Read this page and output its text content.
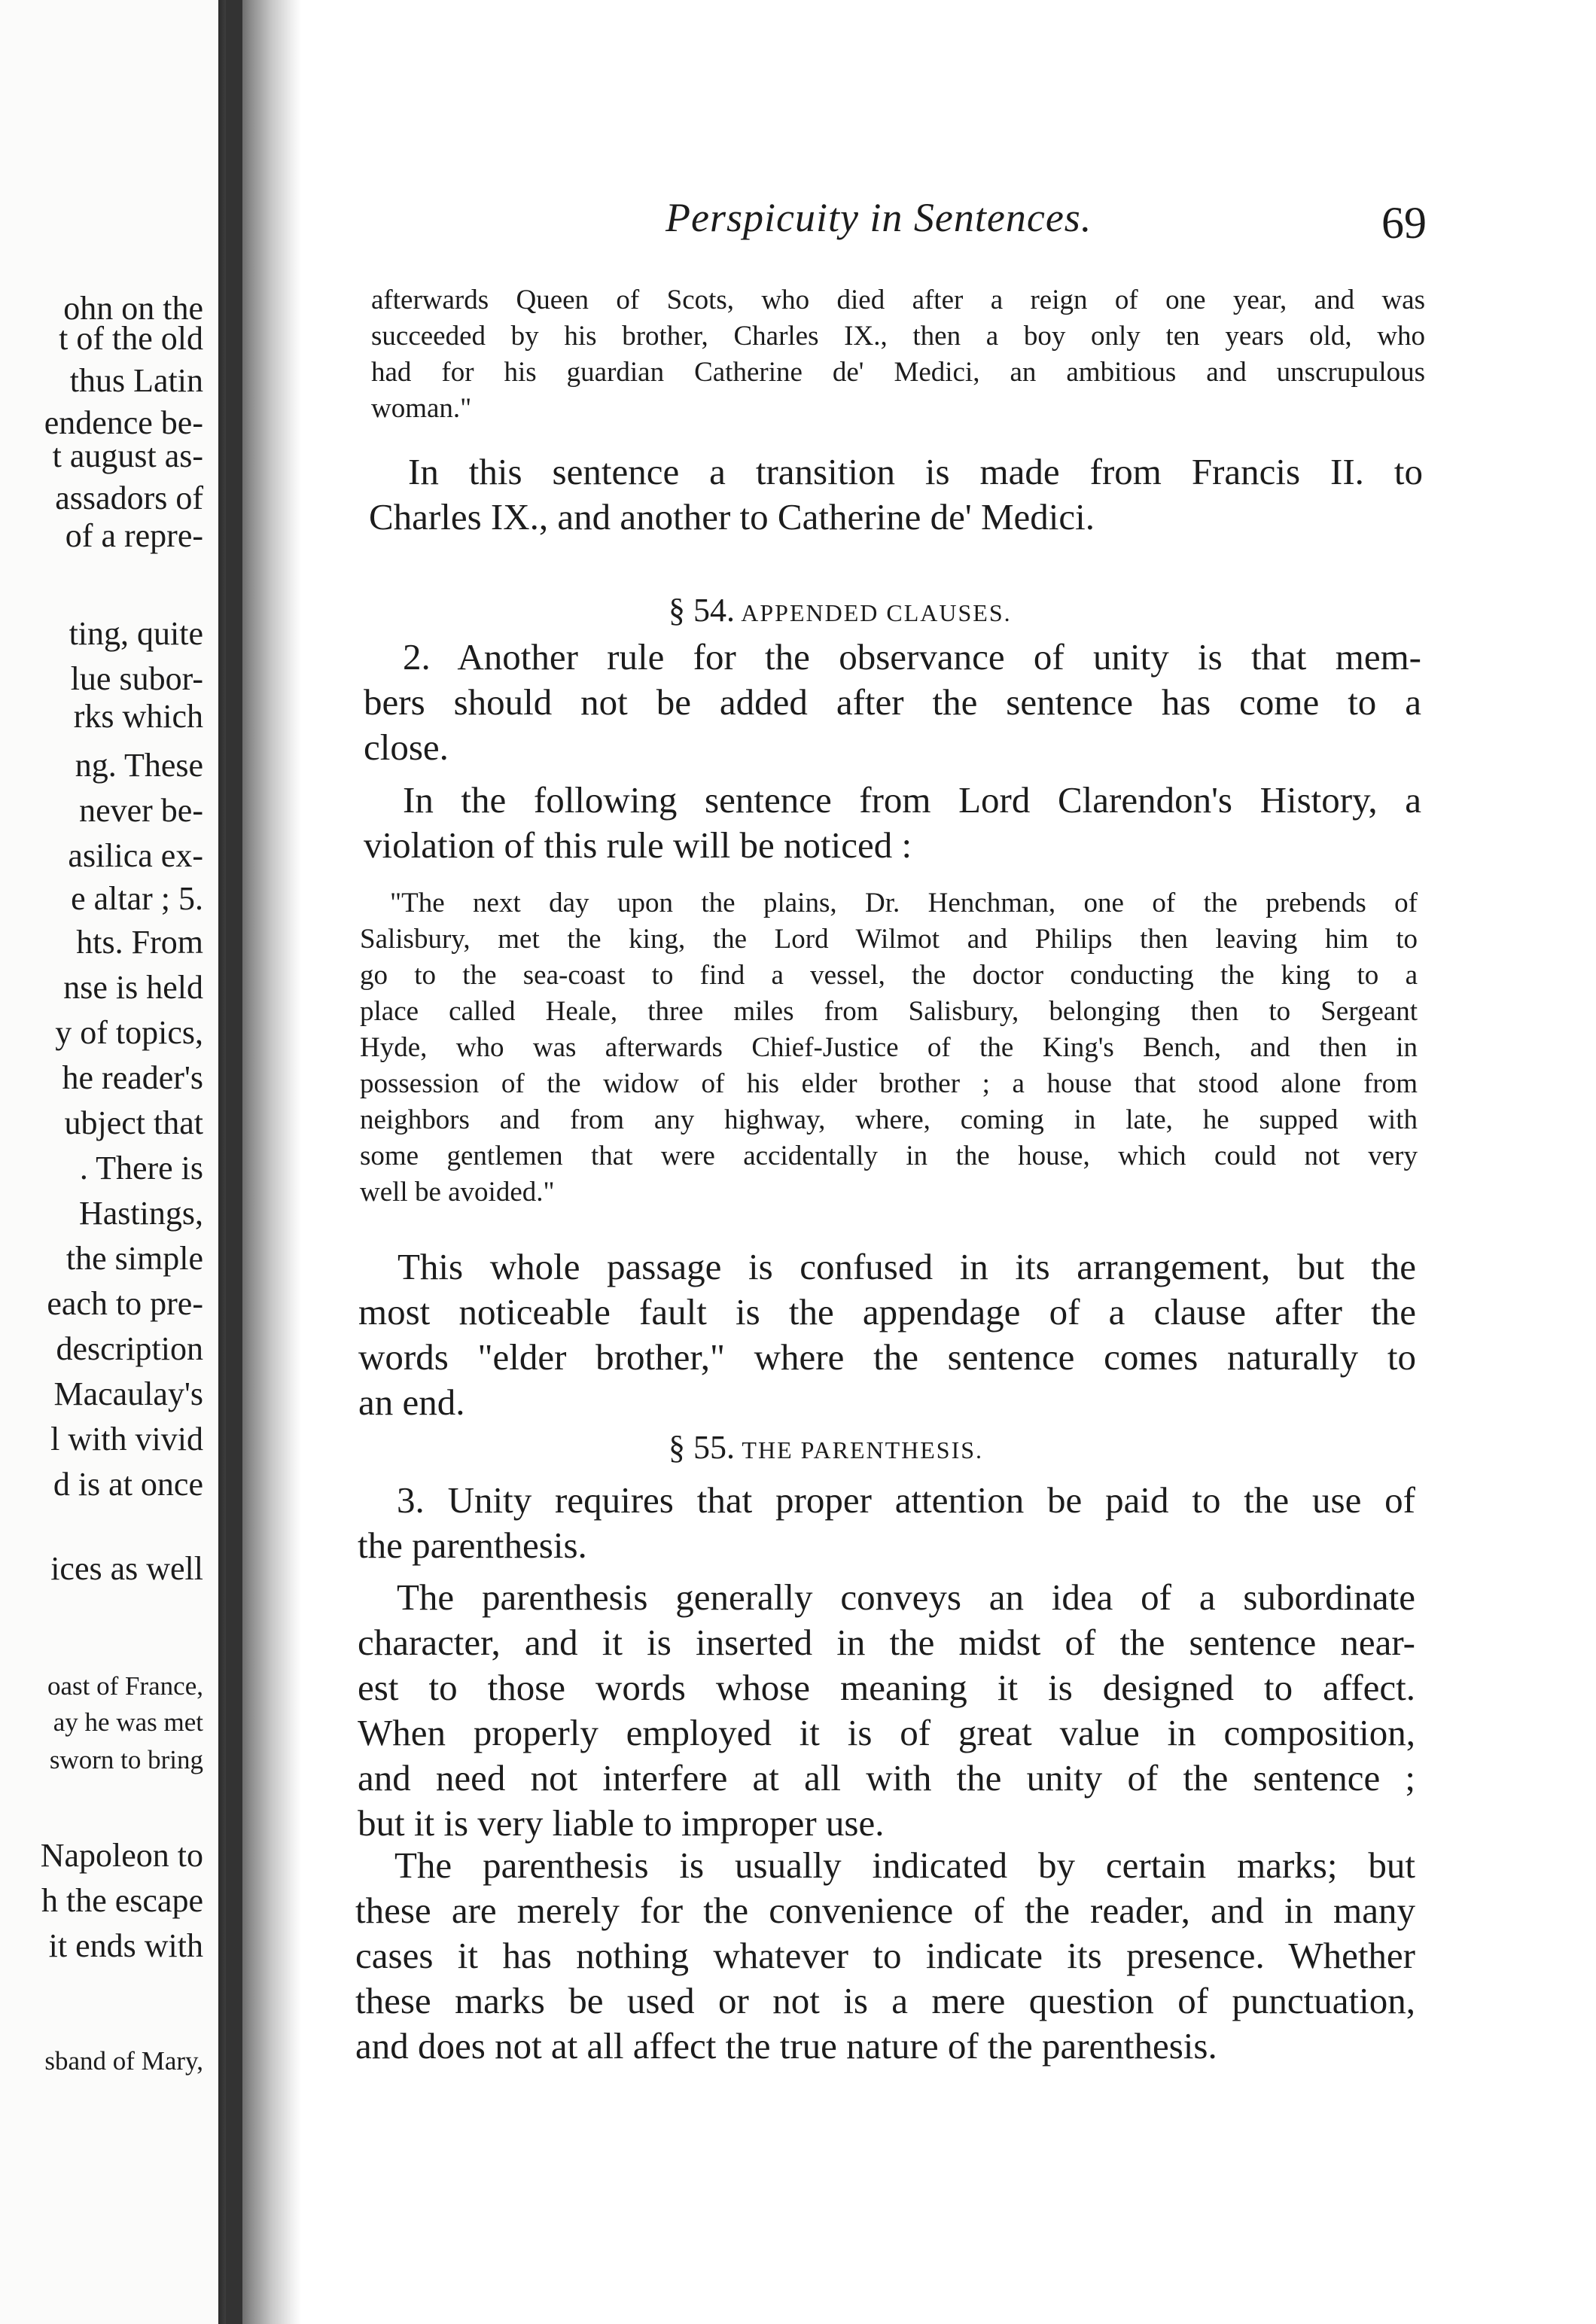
ohn on the
t of the old
thus Latin
endence be-
t august as-
assadors of
of a repre-
ting, quite
lue subor-
rks which
ng. These
never be-
asilica ex-
e altar ; 5.
hts. From
nse is held
y of topics,
he reader's
ubject that
. There is
Hastings,
the simple
each to pre-
description
Macaulay's
l with vivid
d is at once
ices as well
oast of France,
ay he was met
sworn to bring
Napoleon to
h the escape
it ends with
sband of Mary,
Perspicuity in Sentences.	69
afterwards Queen of Scots, who died after a reign of one year, and was
succeeded by his brother, Charles IX., then a boy only ten years old, who
had for his guardian Catherine de' Medici, an ambitious and unscrupulous
woman."
In this sentence a transition is made from Francis II. to
Charles IX., and another to Catherine de' Medici.
§ 54. APPENDED CLAUSES.
2. Another rule for the observance of unity is that mem-
bers should not be added after the sentence has come to a
close.
In the following sentence from Lord Clarendon's History, a
violation of this rule will be noticed :
"The next day upon the plains, Dr. Henchman, one of the prebends of
Salisbury, met the king, the Lord Wilmot and Philips then leaving him to
go to the sea-coast to find a vessel, the doctor conducting the king to a
place called Heale, three miles from Salisbury, belonging then to Sergeant
Hyde, who was afterwards Chief-Justice of the King's Bench, and then in
possession of the widow of his elder brother ; a house that stood alone from
neighbors and from any highway, where, coming in late, he supped with
some gentlemen that were accidentally in the house, which could not very
well be avoided."
This whole passage is confused in its arrangement, but the
most noticeable fault is the appendage of a clause after the
words "elder brother," where the sentence comes naturally to
an end.
§ 55. THE PARENTHESIS.
3. Unity requires that proper attention be paid to the use of
the parenthesis.
The parenthesis generally conveys an idea of a subordinate
character, and it is inserted in the midst of the sentence near-
est to those words whose meaning it is designed to affect.
When properly employed it is of great value in composition,
and need not interfere at all with the unity of the sentence ;
but it is very liable to improper use.
The parenthesis is usually indicated by certain marks; but
these are merely for the convenience of the reader, and in many
cases it has nothing whatever to indicate its presence. Whether
these marks be used or not is a mere question of punctuation,
and does not at all affect the true nature of the parenthesis.
